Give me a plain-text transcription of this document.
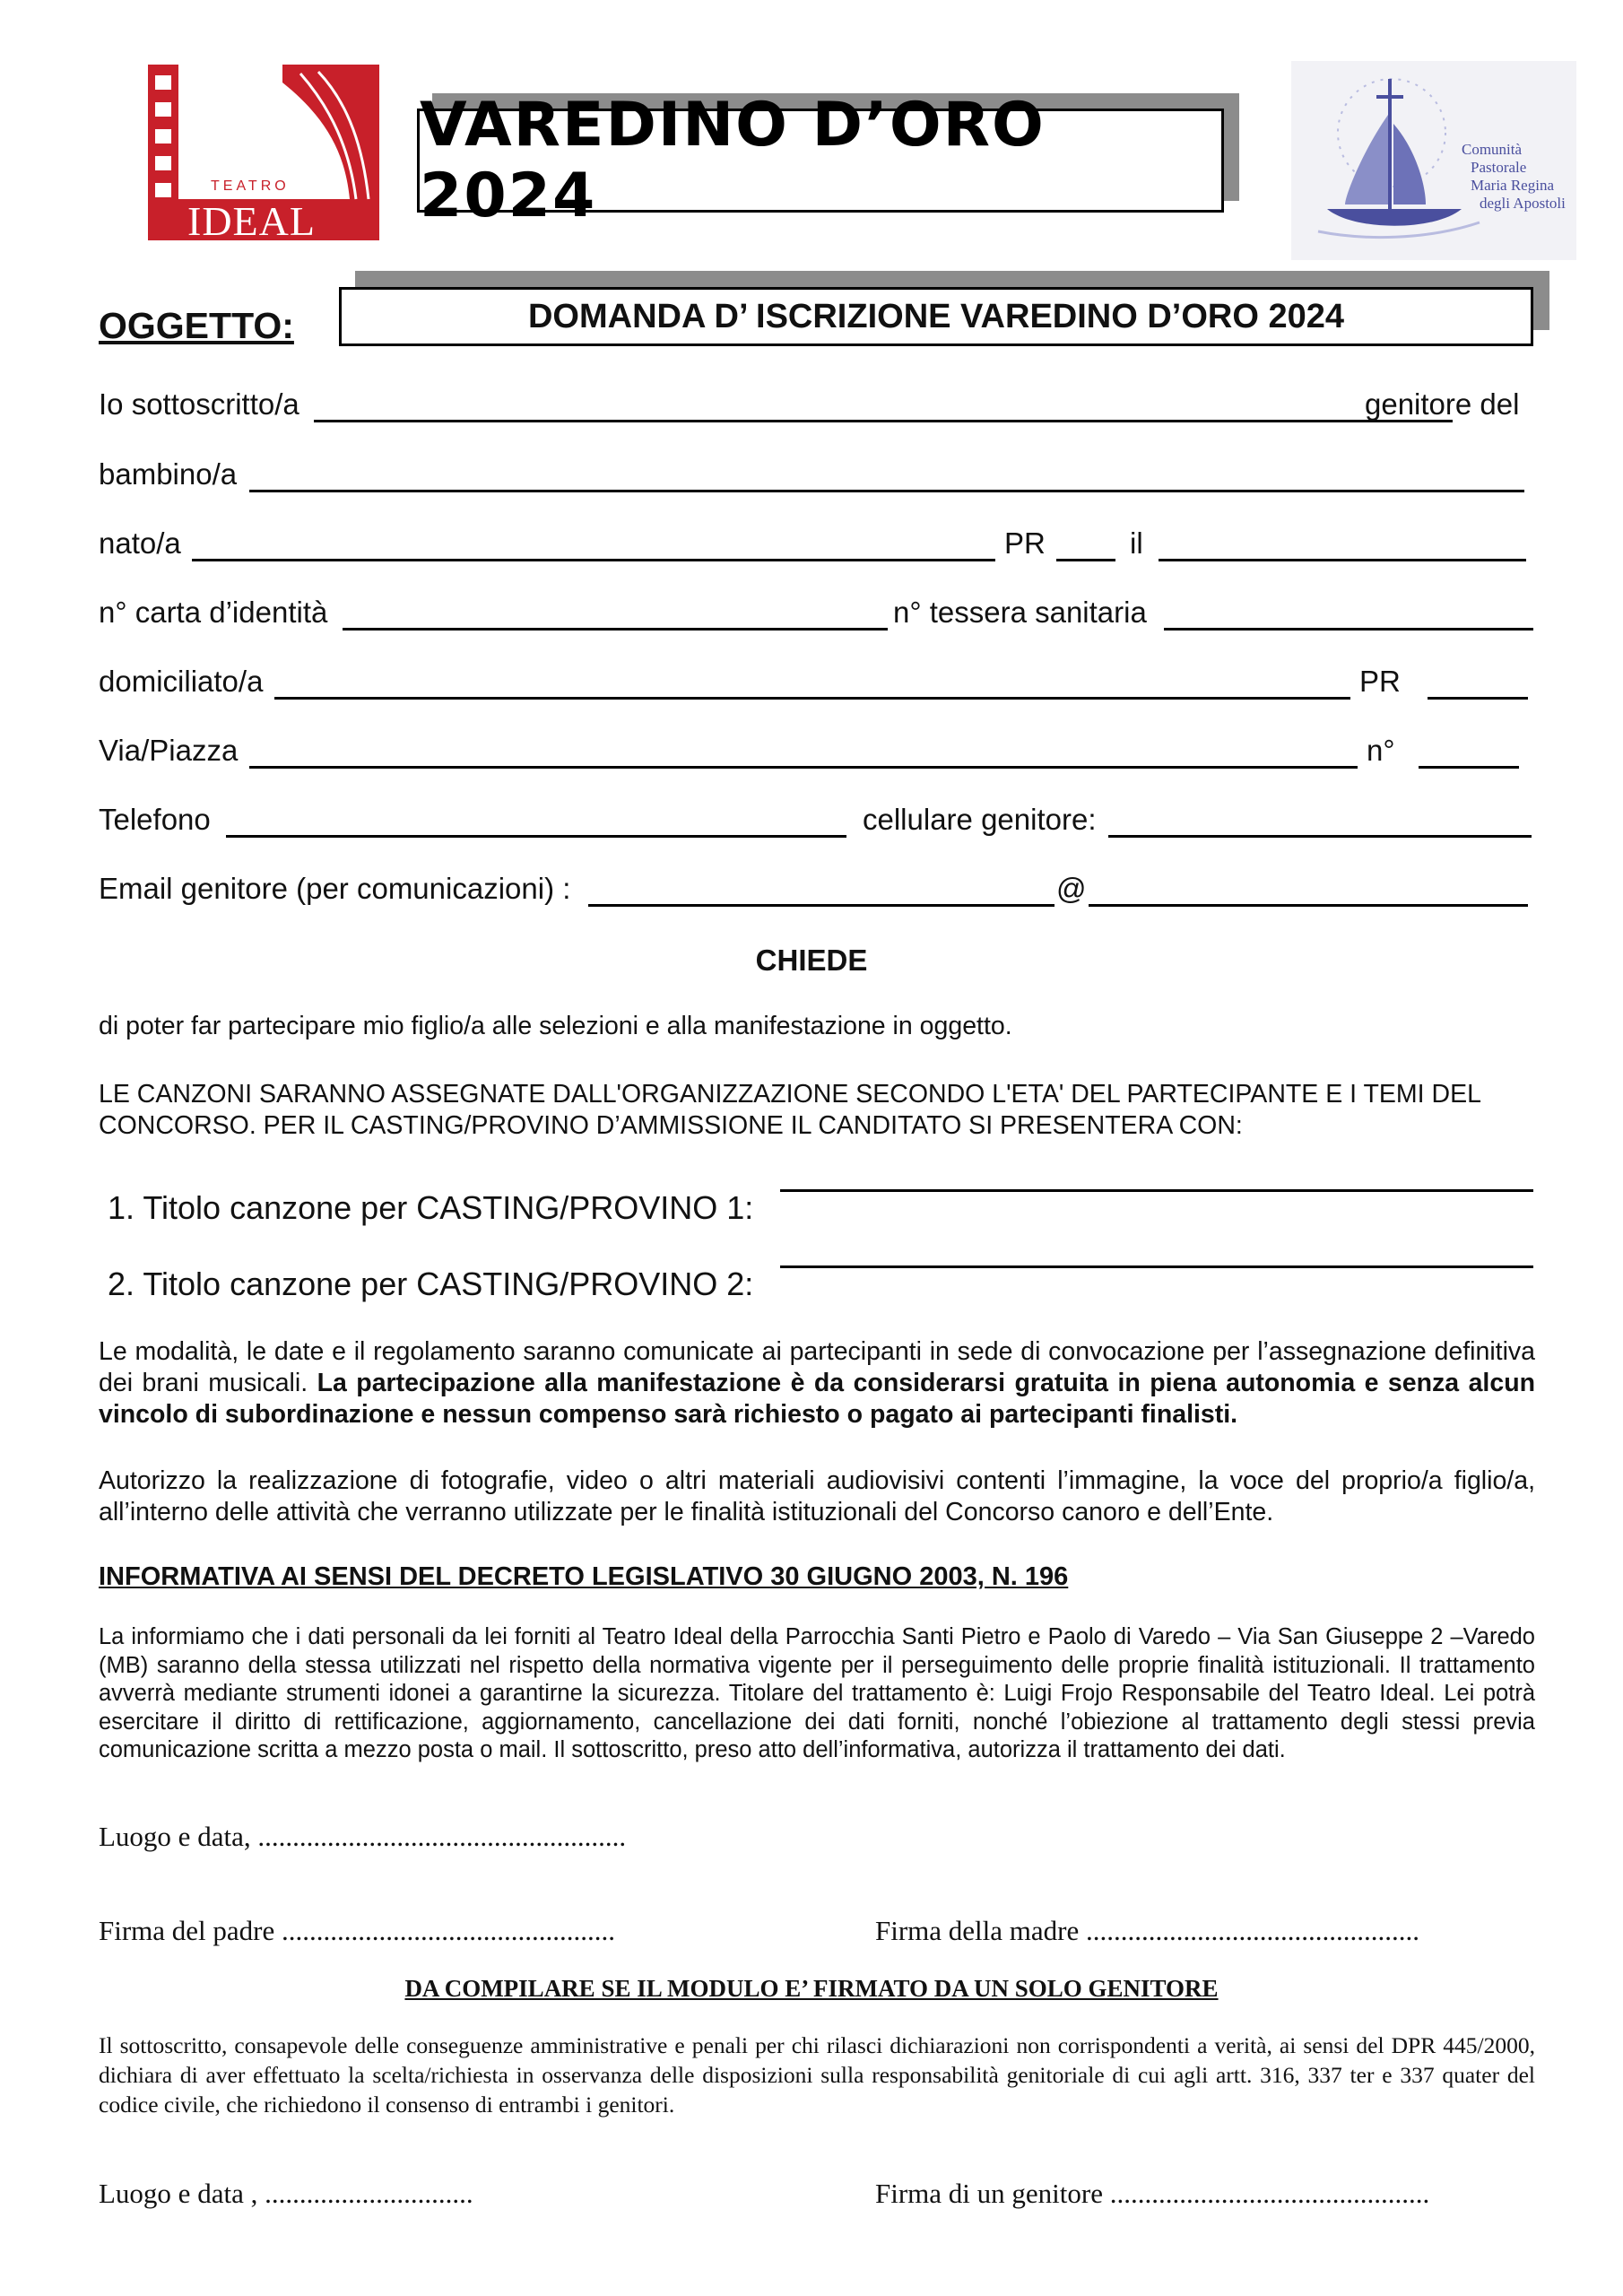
TEATRO
IDEAL
Comunità
Pastorale
Maria Regina
degli Apostoli
VAREDINO D’ORO 2024
OGGETTO:	DOMANDA D’ ISCRIZIONE VAREDINO D’ORO 2024
Io sottoscritto/a	genitore del
bambino/a
nato/a	PR	il
n° carta d’identità	n° tessera sanitaria
domiciliato/a	PR
Via/Piazza	n°
Telefono	cellulare genitore:
Email genitore (per comunicazioni) :	@
CHIEDE
di poter far partecipare mio figlio/a alle selezioni e alla manifestazione in oggetto.
LE CANZONI SARANNO ASSEGNATE DALL'ORGANIZZAZIONE SECONDO L'ETA' DEL PARTECIPANTE E I TEMI DEL CONCORSO. PER IL CASTING/PROVINO D’AMMISSIONE IL CANDITATO SI PRESENTERA CON:
1. Titolo canzone per CASTING/PROVINO 1:
2. Titolo canzone per CASTING/PROVINO 2:
Le modalità, le date e il regolamento saranno comunicate ai partecipanti in sede di convocazione per l’assegnazione definitiva dei brani musicali. La partecipazione alla manifestazione è da considerarsi gratuita in piena autonomia e senza alcun vincolo di subordinazione e nessun compenso sarà richiesto o pagato ai partecipanti finalisti.
Autorizzo la realizzazione di fotografie, video o altri materiali audiovisivi contenti l’immagine, la voce del proprio/a figlio/a, all’interno delle attività che verranno utilizzate per le finalità istituzionali del Concorso canoro e dell’Ente.
INFORMATIVA AI SENSI DEL DECRETO LEGISLATIVO 30 GIUGNO 2003, N. 196
La informiamo che i dati personali da lei forniti al Teatro Ideal della Parrocchia Santi Pietro e Paolo di Varedo – Via San Giuseppe 2 –Varedo (MB) saranno della stessa utilizzati nel rispetto della normativa vigente per il perseguimento delle proprie finalità istituzionali. Il trattamento avverrà mediante strumenti idonei a garantirne la sicurezza. Titolare del trattamento è: Luigi Frojo Responsabile del Teatro Ideal. Lei potrà esercitare il diritto di rettificazione, aggiornamento, cancellazione dei dati forniti, nonché l’obiezione al trattamento degli stessi previa comunicazione scritta a mezzo posta o mail. Il sottoscritto, preso atto dell’informativa, autorizza il trattamento dei dati.
Luogo e data, .....................................................
Firma del padre ................................................	Firma della madre ................................................
DA COMPILARE SE IL MODULO E’ FIRMATO DA UN SOLO GENITORE
Il sottoscritto, consapevole delle conseguenze amministrative e penali per chi rilasci dichiarazioni non corrispondenti a verità, ai sensi del DPR 445/2000, dichiara di aver effettuato la scelta/richiesta in osservanza delle disposizioni sulla responsabilità genitoriale di cui agli artt. 316, 337 ter e 337 quater del codice civile, che richiedono il consenso di entrambi i genitori.
Luogo e data , ..............................	Firma di un genitore ..............................................
